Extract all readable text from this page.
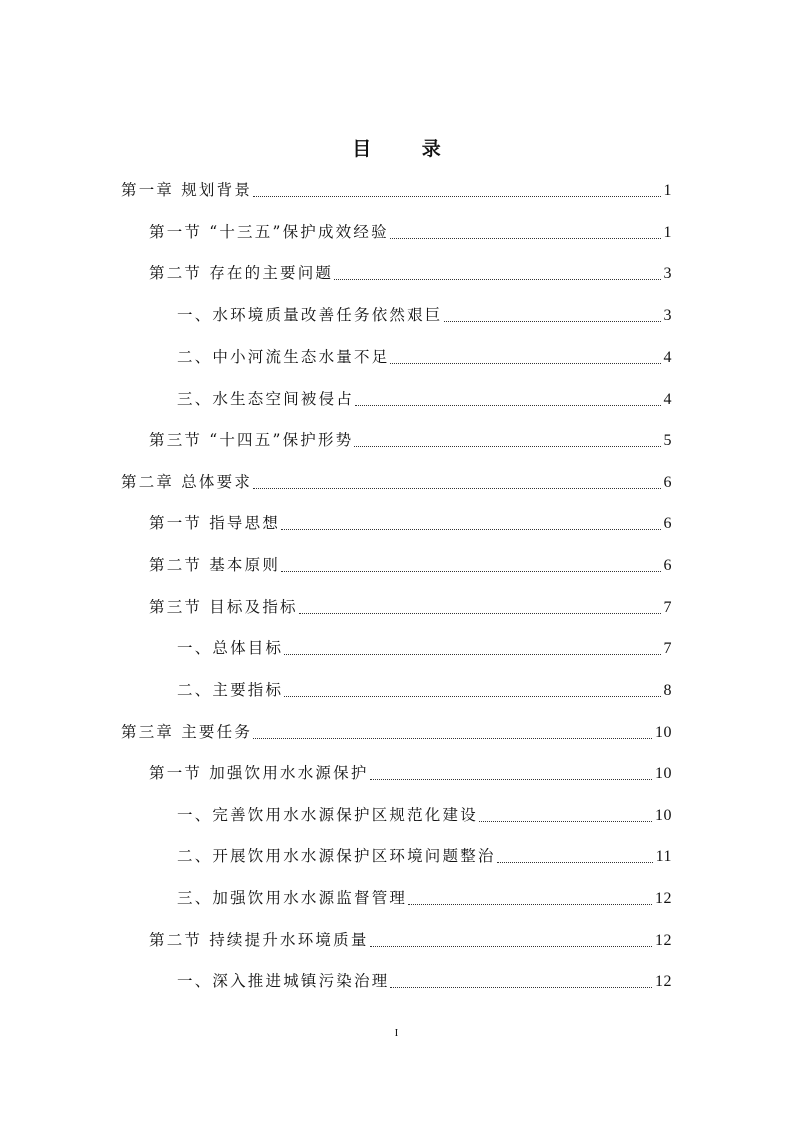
目 录
第一章 规划背景	1
第一节 “十三五”保护成效经验	1
第二节 存在的主要问题	3
一、水环境质量改善任务依然艰巨	3
二、中小河流生态水量不足	4
三、水生态空间被侵占	4
第三节 “十四五”保护形势	5
第二章 总体要求	6
第一节 指导思想	6
第二节 基本原则	6
第三节 目标及指标	7
一、总体目标	7
二、主要指标	8
第三章 主要任务	10
第一节 加强饮用水水源保护	10
一、完善饮用水水源保护区规范化建设	10
二、开展饮用水水源保护区环境问题整治	11
三、加强饮用水水源监督管理	12
第二节 持续提升水环境质量	12
一、深入推进城镇污染治理	12
I
